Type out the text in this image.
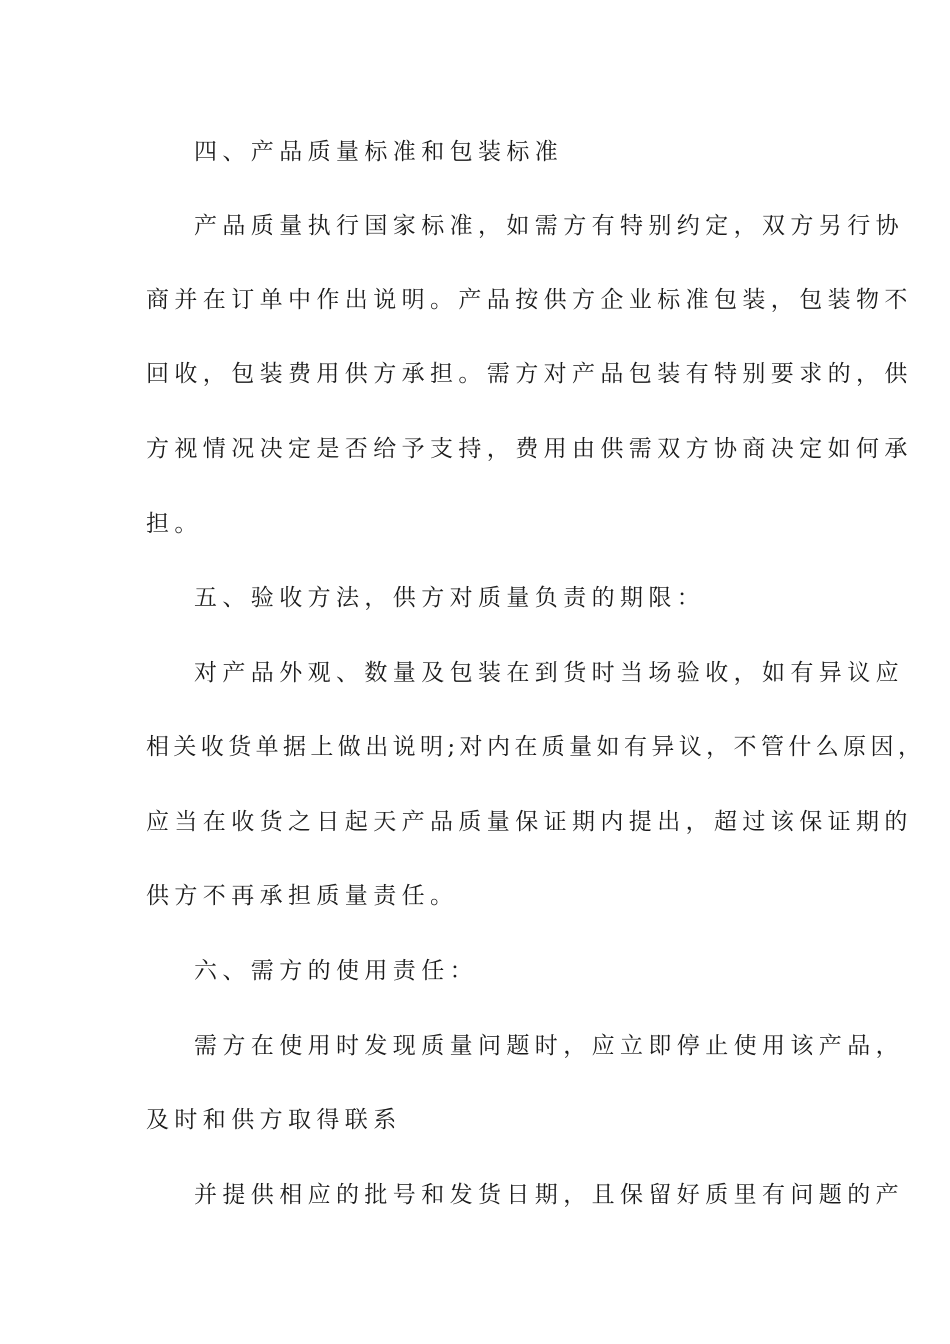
四、产品质量标准和包装标准
产品质量执行国家标准，如需方有特别约定，双方另行协
商并在订单中作出说明。产品按供方企业标准包装，包装物不
回收，包装费用供方承担。需方对产品包装有特别要求的，供
方视情况决定是否给予支持，费用由供需双方协商决定如何承
担。
五、验收方法，供方对质量负责的期限：
对产品外观、数量及包装在到货时当场验收，如有异议应
相关收货单据上做出说明;对内在质量如有异议，不管什么原因，
应当在收货之日起天产品质量保证期内提出，超过该保证期的
供方不再承担质量责任。
六、需方的使用责任：
需方在使用时发现质量问题时，应立即停止使用该产品，
及时和供方取得联系
并提供相应的批号和发货日期，且保留好质里有问题的产
